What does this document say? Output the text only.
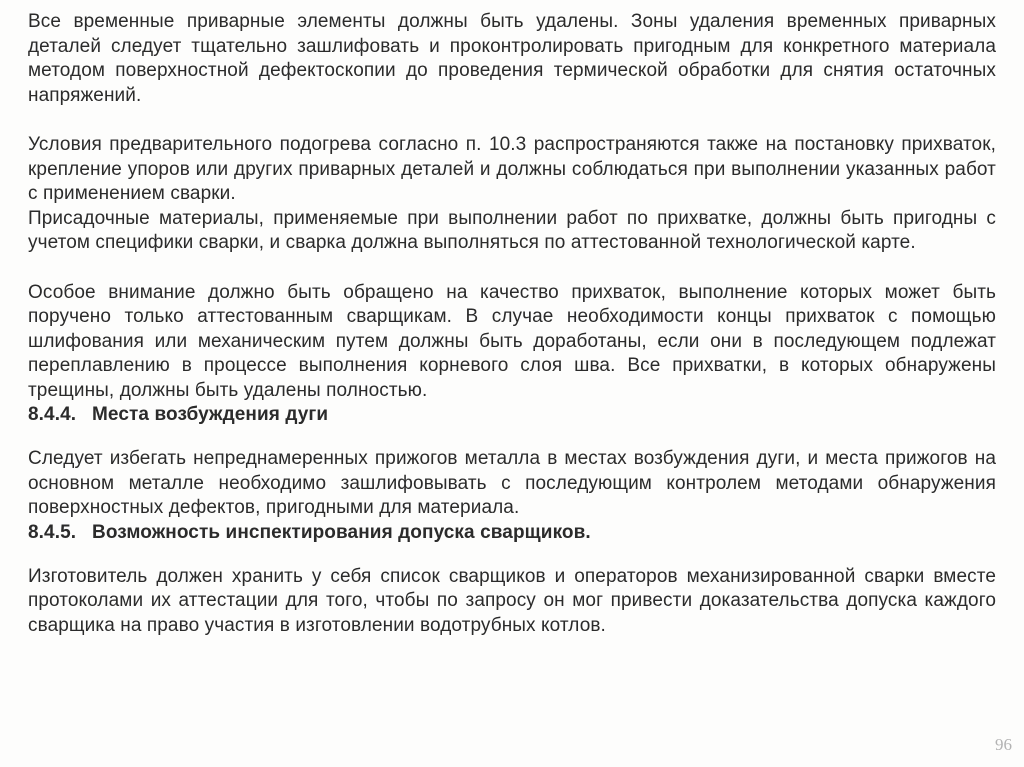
Все временные приварные элементы должны быть удалены. Зоны удаления временных приварных деталей следует тщательно зашлифовать и проконтролировать пригодным для конкретного материала методом поверхностной дефектоскопии до проведения термической обработки для снятия остаточных напряжений.

Условия предварительного подогрева согласно п. 10.3 распространяются также на постановку прихваток, крепление упоров или других приварных деталей и должны соблюдаться при выполнении указанных работ с применением сварки.

Присадочные материалы, применяемые при выполнении работ по прихватке, должны быть пригодны с учетом специфики сварки, и сварка должна выполняться по аттестованной технологической карте.

Особое внимание должно быть обращено на качество прихваток, выполнение которых может быть поручено только аттестованным сварщикам. В случае необходимости концы прихваток с помощью шлифования или механическим путем должны быть доработаны, если они в последующем подлежат переплавлению в процессе выполнения корневого слоя шва. Все прихватки, в которых обнаружены трещины, должны быть удалены полностью.

8.4.4. Места возбуждения дуги

Следует избегать непреднамеренных прижогов металла в местах возбуждения дуги, и места прижогов на основном металле необходимо зашлифовывать с последующим контролем методами обнаружения поверхностных дефектов, пригодными для материала.

8.4.5. Возможность инспектирования допуска сварщиков.

Изготовитель должен хранить у себя список сварщиков и операторов механизированной сварки вместе протоколами их аттестации для того, чтобы по запросу он мог привести доказательства допуска каждого сварщика на право участия в изготовлении водотрубных котлов.

96
